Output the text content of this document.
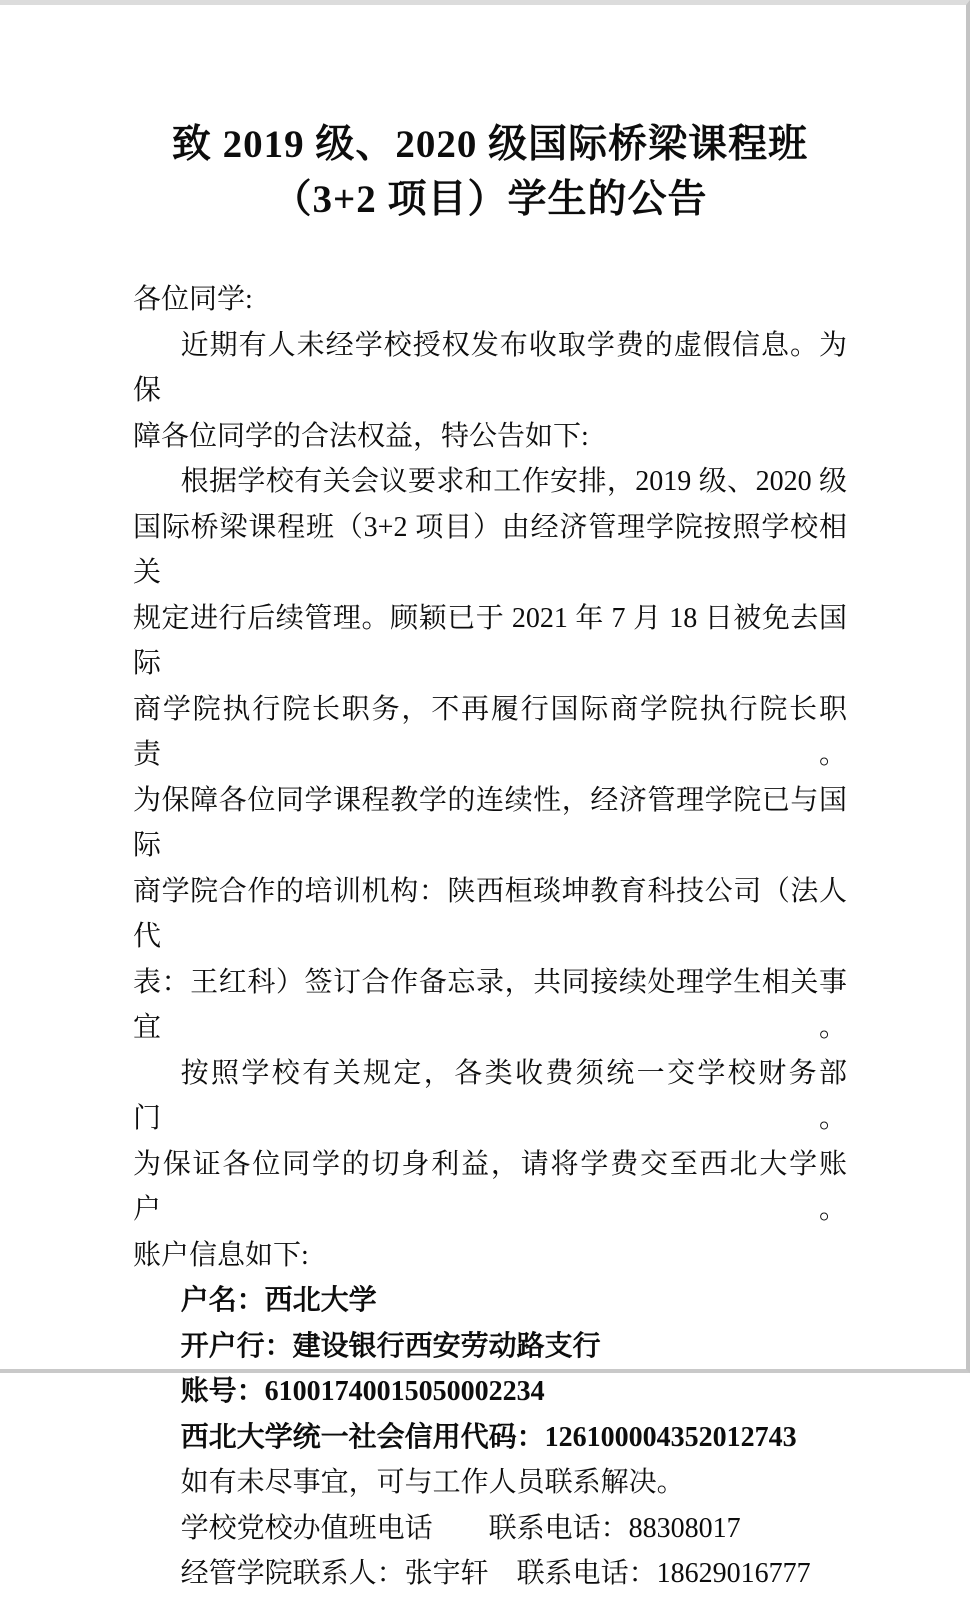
致 2019 级、2020 级国际桥梁课程班
（3+2 项目）学生的公告
各位同学:
近期有人未经学校授权发布收取学费的虚假信息。为保
障各位同学的合法权益，特公告如下:
根据学校有关会议要求和工作安排，2019 级、2020 级
国际桥梁课程班（3+2 项目）由经济管理学院按照学校相关
规定进行后续管理。顾颖已于 2021 年 7 月 18 日被免去国际
商学院执行院长职务，不再履行国际商学院执行院长职责。
为保障各位同学课程教学的连续性，经济管理学院已与国际
商学院合作的培训机构：陕西桓琰坤教育科技公司（法人代
表：王红科）签订合作备忘录，共同接续处理学生相关事宜。
按照学校有关规定，各类收费须统一交学校财务部门。
为保证各位同学的切身利益，请将学费交至西北大学账户。
账户信息如下:
户名：西北大学
开户行：建设银行西安劳动路支行
账号：61001740015050002234
西北大学统一社会信用代码：126100004352012743
如有未尽事宜，可与工作人员联系解决。
学校党校办值班电话　　联系电话：88308017
经管学院联系人：张宇轩　联系电话：18629016777
